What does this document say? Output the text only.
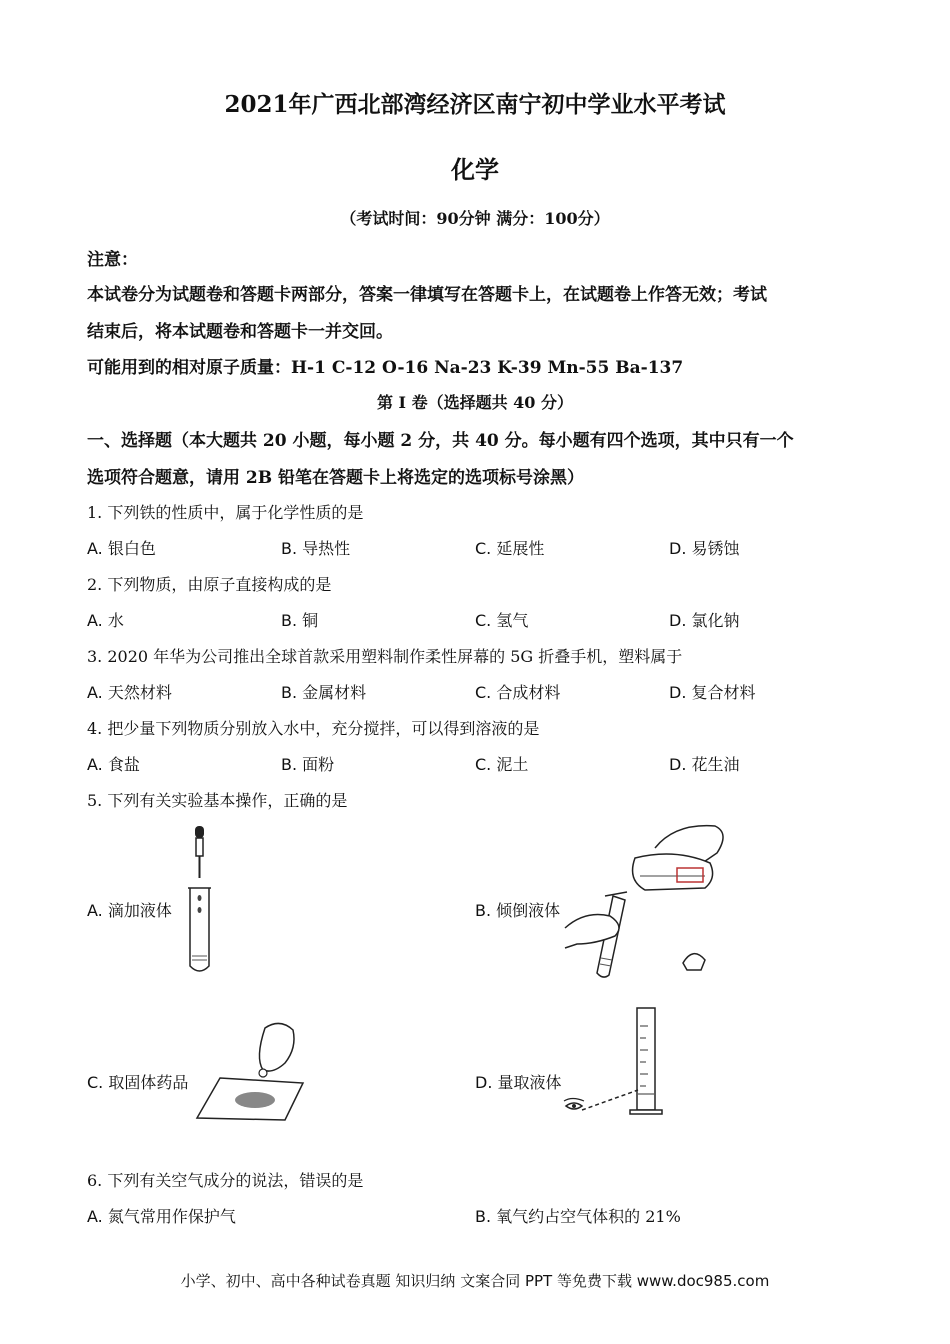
2021年广西北部湾经济区南宁初中学业水平考试
化学
（考试时间：90分钟 满分：100分）
注意：
本试卷分为试题卷和答题卡两部分，答案一律填写在答题卡上，在试题卷上作答无效；考试
结束后，将本试题卷和答题卡一并交回。
可能用到的相对原子质量：H-1 C-12 O-16 Na-23 K-39 Mn-55 Ba-137
第 I 卷（选择题共 40 分）
一、选择题（本大题共 20 小题，每小题 2 分，共 40 分。每小题有四个选项，其中只有一个
选项符合题意，请用 2B 铅笔在答题卡上将选定的选项标号涂黑）
1. 下列铁的性质中，属于化学性质的是
A. 银白色	B. 导热性	C. 延展性	D. 易锈蚀
2. 下列物质，由原子直接构成的是
A. 水	B. 铜	C. 氢气	D. 氯化钠
3. 2020 年华为公司推出全球首款采用塑料制作柔性屏幕的 5G 折叠手机，塑料属于
A. 天然材料	B. 金属材料	C. 合成材料	D. 复合材料
4. 把少量下列物质分别放入水中，充分搅拌，可以得到溶液的是
A. 食盐	B. 面粉	C. 泥土	D. 花生油
5. 下列有关实验基本操作，正确的是
A. 滴加液体	B. 倾倒液体
C. 取固体药品	D. 量取液体
6. 下列有关空气成分的说法，错误的是
A. 氮气常用作保护气	B. 氧气约占空气体积的 21%
小学、初中、高中各种试卷真题 知识归纳 文案合同 PPT 等免费下载 www.doc985.com
